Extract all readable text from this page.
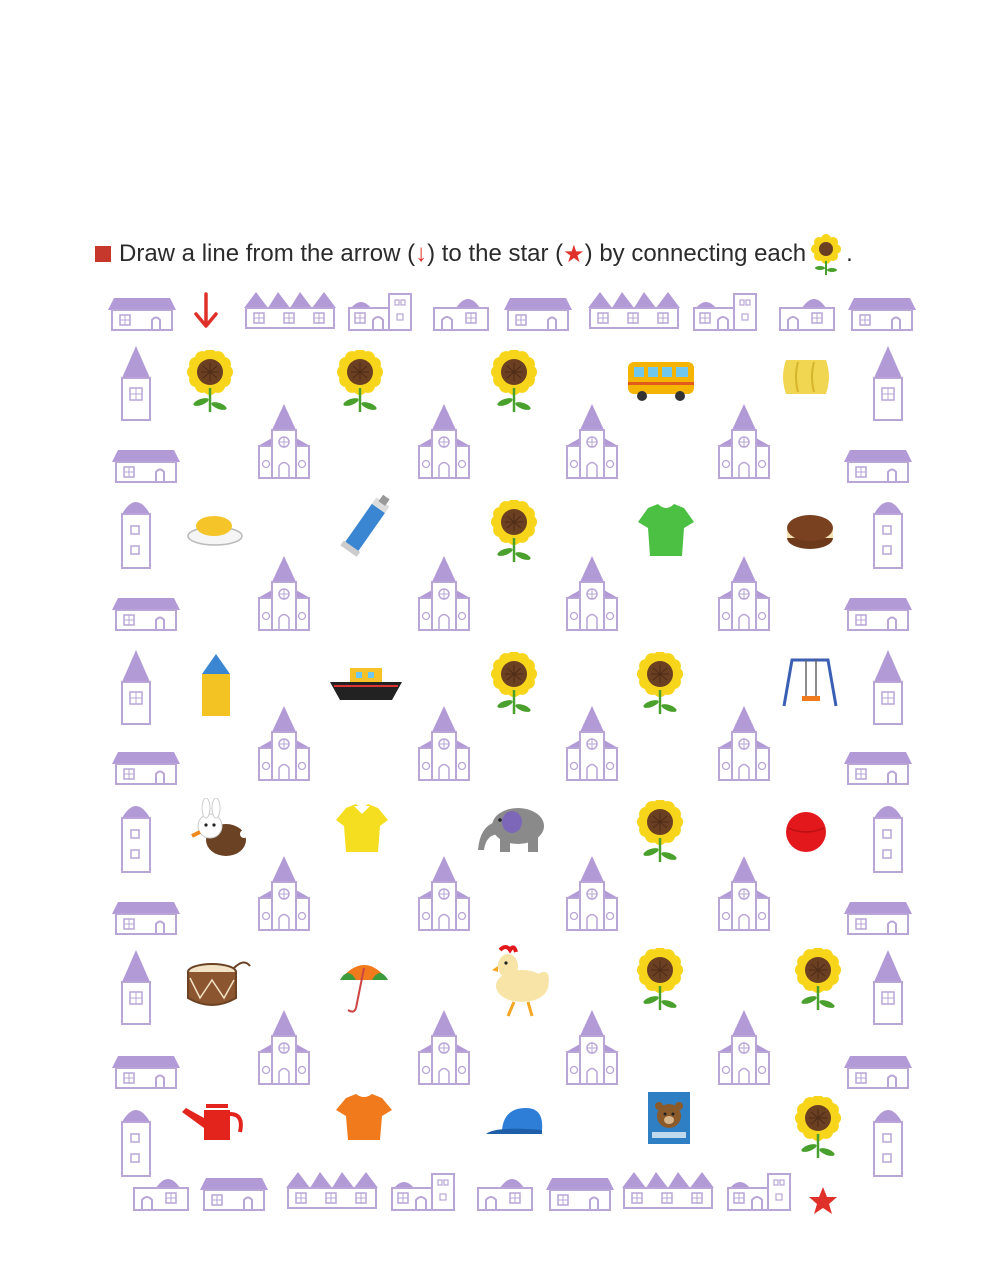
Draw a line from the arrow ( ↓ ) to the star ( ★ ) by connecting each .
